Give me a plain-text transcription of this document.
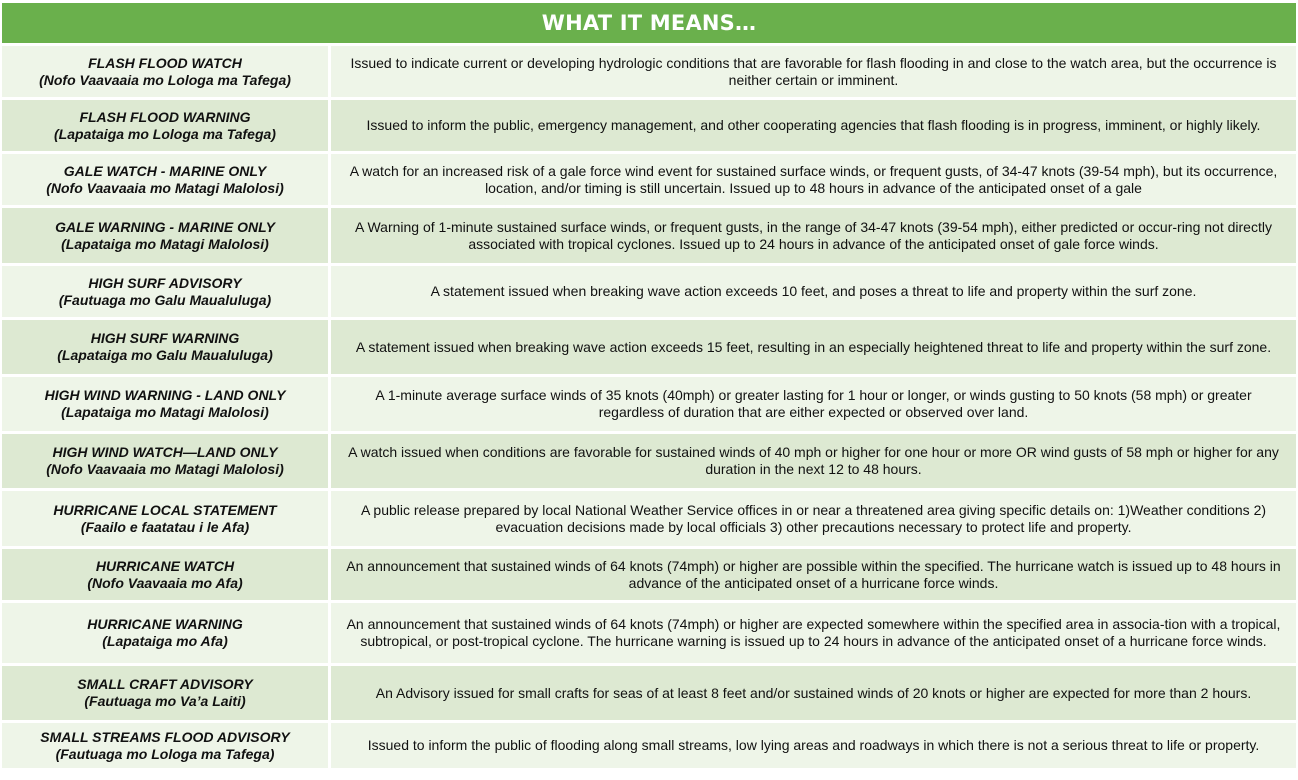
WHAT IT MEANS…
FLASH FLOOD WATCH
(Nofo Vaavaaia mo Lologa ma Tafega)
Issued to indicate current or developing hydrologic conditions that are favorable for flash flooding in and close to the watch area, but the occurrence is neither certain or imminent.
FLASH FLOOD WARNING
(Lapataiga mo Lologa ma Tafega)
Issued to inform the public, emergency management, and other cooperating agencies that flash flooding is in progress, imminent, or highly likely.
GALE WATCH - MARINE ONLY
(Nofo Vaavaaia mo Matagi Malolosi)
A watch for an increased risk of a gale force wind event for sustained surface winds, or frequent gusts, of 34-47 knots (39-54 mph), but its occurrence, location, and/or timing is still uncertain. Issued up to 48 hours in advance of the anticipated onset of a gale
GALE WARNING - MARINE ONLY
(Lapataiga mo Matagi Malolosi)
A Warning of 1-minute sustained surface winds, or frequent gusts, in the range of 34-47 knots (39-54 mph), either predicted or occur-ring not directly associated with tropical cyclones. Issued up to 24 hours in advance of the anticipated onset of gale force winds.
HIGH SURF ADVISORY
(Fautuaga mo Galu Maualuluga)
A statement issued when breaking wave action exceeds 10 feet, and poses a threat to life and property within the surf zone.
HIGH SURF WARNING
(Lapataiga mo Galu Maualuluga)
A statement issued when breaking wave action exceeds 15 feet, resulting in an especially heightened threat to life and property within the surf zone.
HIGH WIND WARNING - LAND ONLY
(Lapataiga mo Matagi Malolosi)
A 1-minute average surface winds of 35 knots (40mph) or greater lasting for 1 hour or longer, or winds gusting to 50 knots (58 mph) or greater regardless of duration that are either expected or observed over land.
HIGH WIND WATCH—LAND ONLY
(Nofo Vaavaaia mo Matagi Malolosi)
A watch issued when conditions are favorable for sustained winds of 40 mph or higher for one hour or more OR wind gusts of 58 mph or higher for any duration in the next 12 to 48 hours.
HURRICANE LOCAL STATEMENT
(Faailo e faatatau i le Afa)
A public release prepared by local National Weather Service offices in or near a threatened area giving specific details on: 1)Weather conditions 2) evacuation decisions made by local officials 3) other precautions necessary to protect life and property.
HURRICANE WATCH
(Nofo Vaavaaia mo Afa)
An announcement that sustained winds of 64 knots (74mph) or higher are possible within the specified. The hurricane watch is issued up to 48 hours in advance of the anticipated onset of a hurricane force winds.
HURRICANE WARNING
(Lapataiga mo Afa)
An announcement that sustained winds of 64 knots (74mph) or higher are expected somewhere within the specified area in associa-tion with a tropical, subtropical, or post-tropical cyclone. The hurricane warning is issued up to 24 hours in advance of the anticipated onset of a hurricane force winds.
SMALL CRAFT ADVISORY
(Fautuaga mo Va’a Laiti)
An Advisory issued for small crafts for seas of at least 8 feet and/or sustained winds of 20 knots or higher are expected for more than 2 hours.
SMALL STREAMS FLOOD ADVISORY
(Fautuaga mo Lologa ma Tafega)
Issued to inform the public of flooding along small streams, low lying areas and roadways in which there is not a serious threat to life or property.
